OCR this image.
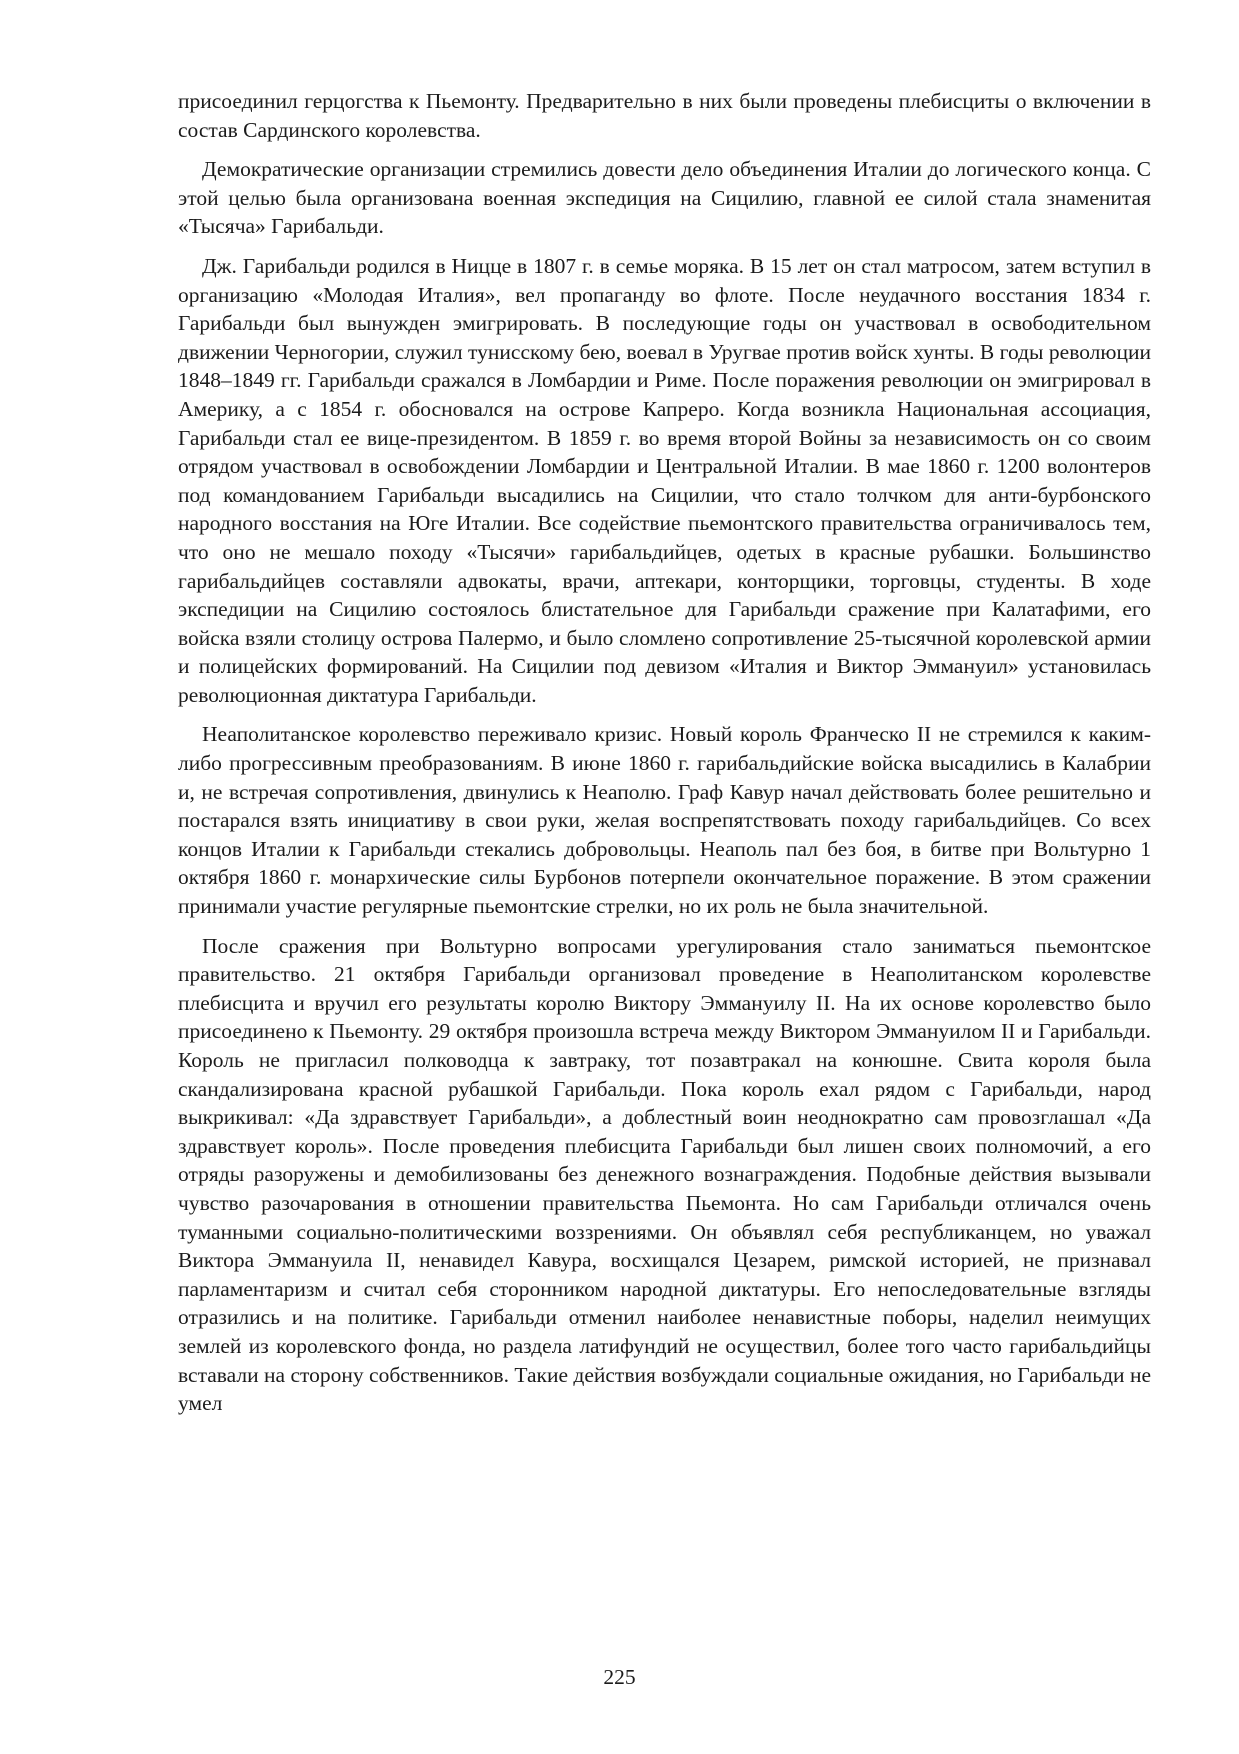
присоединил герцогства к Пьемонту. Предварительно в них были проведены плебисциты о включении в состав Сардинского королевства.

Демократические организации стремились довести дело объединения Италии до логического конца. С этой целью была организована военная экспедиция на Сицилию, главной ее силой стала знаменитая «Тысяча» Гарибальди.

Дж. Гарибальди родился в Ницце в 1807 г. в семье моряка. В 15 лет он стал матросом, затем вступил в организацию «Молодая Италия», вел пропаганду во флоте. После неудачного восстания 1834 г. Гарибальди был вынужден эмигрировать. В последующие годы он участвовал в освободительном движении Черногории, служил тунисскому бею, воевал в Уругвае против войск хунты. В годы революции 1848–1849 гг. Гарибальди сражался в Ломбардии и Риме. После поражения революции он эмигрировал в Америку, а с 1854 г. обосновался на острове Капреро. Когда возникла Национальная ассоциация, Гарибальди стал ее вице-президентом. В 1859 г. во время второй Войны за независимость он со своим отрядом участвовал в освобождении Ломбардии и Центральной Италии. В мае 1860 г. 1200 волонтеров под командованием Гарибальди высадились на Сицилии, что стало толчком для анти-бурбонского народного восстания на Юге Италии. Все содействие пьемонтского правительства ограничивалось тем, что оно не мешало походу «Тысячи» гарибальдийцев, одетых в красные рубашки. Большинство гарибальдийцев составляли адвокаты, врачи, аптекари, конторщики, торговцы, студенты. В ходе экспедиции на Сицилию состоялось блистательное для Гарибальди сражение при Калатафими, его войска взяли столицу острова Палермо, и было сломлено сопротивление 25-тысячной королевской армии и полицейских формирований. На Сицилии под девизом «Италия и Виктор Эммануил» установилась революционная диктатура Гарибальди.

Неаполитанское королевство переживало кризис. Новый король Франческо II не стремился к каким-либо прогрессивным преобразованиям. В июне 1860 г. гарибальдийские войска высадились в Калабрии и, не встречая сопротивления, двинулись к Неаполю. Граф Кавур начал действовать более решительно и постарался взять инициативу в свои руки, желая воспрепятствовать походу гарибальдийцев. Со всех концов Италии к Гарибальди стекались добровольцы. Неаполь пал без боя, в битве при Вольтурно 1 октября 1860 г. монархические силы Бурбонов потерпели окончательное поражение. В этом сражении принимали участие регулярные пьемонтские стрелки, но их роль не была значительной.

После сражения при Вольтурно вопросами урегулирования стало заниматься пьемонтское правительство. 21 октября Гарибальди организовал проведение в Неаполитанском королевстве плебисцита и вручил его результаты королю Виктору Эммануилу II. На их основе королевство было присоединено к Пьемонту. 29 октября произошла встреча между Виктором Эммануилом II и Гарибальди. Король не пригласил полководца к завтраку, тот позавтракал на конюшне. Свита короля была скандализирована красной рубашкой Гарибальди. Пока король ехал рядом с Гарибальди, народ выкрикивал: «Да здравствует Гарибальди», а доблестный воин неоднократно сам провозглашал «Да здравствует король». После проведения плебисцита Гарибальди был лишен своих полномочий, а его отряды разоружены и демобилизованы без денежного вознаграждения. Подобные действия вызывали чувство разочарования в отношении правительства Пьемонта. Но сам Гарибальди отличался очень туманными социально-политическими воззрениями. Он объявлял себя республиканцем, но уважал Виктора Эммануила II, ненавидел Кавура, восхищался Цезарем, римской историей, не признавал парламентаризм и считал себя сторонником народной диктатуры. Его непоследовательные взгляды отразились и на политике. Гарибальди отменил наиболее ненавистные поборы, наделил неимущих землей из королевского фонда, но раздела латифундий не осуществил, более того часто гарибальдийцы вставали на сторону собственников. Такие действия возбуждали социальные ожидания, но Гарибальди не умел

225
